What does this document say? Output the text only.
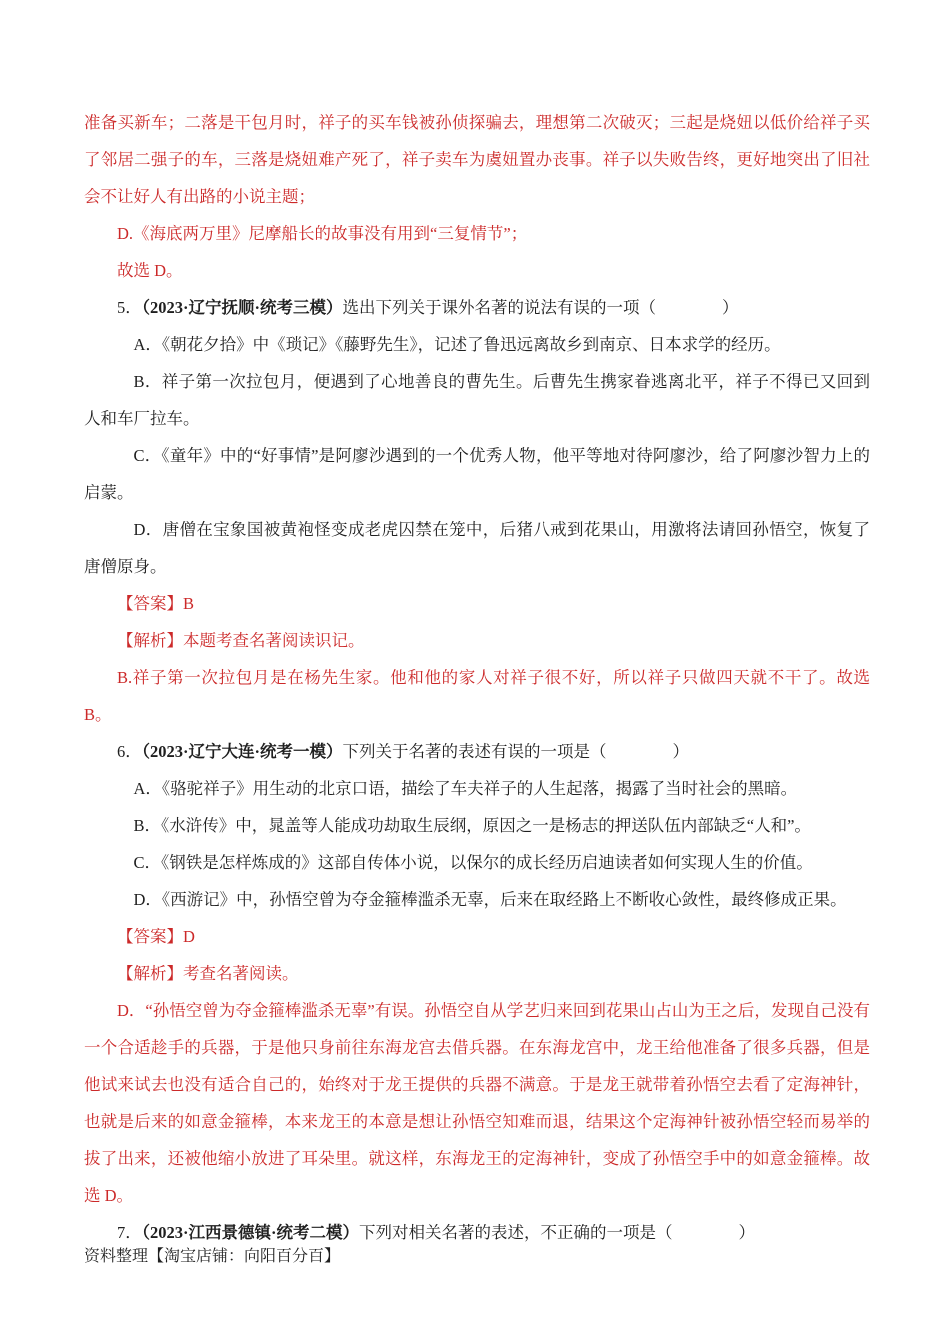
准备买新车；二落是干包月时，祥子的买车钱被孙侦探骗去，理想第二次破灭；三起是烧妞以低价给祥子买了邻居二强子的车，三落是烧妞难产死了，祥子卖车为虞妞置办丧事。祥子以失败告终，更好地突出了旧社会不让好人有出路的小说主题；

D.《海底两万里》尼摩船长的故事没有用到“三复情节”；

故选 D。

5．（2023·辽宁抚顺·统考三模）选出下列关于课外名著的说法有误的一项（　　　　）

A．《朝花夕拾》中《琐记》《藤野先生》，记述了鲁迅远离故乡到南京、日本求学的经历。

B．祥子第一次拉包月，便遇到了心地善良的曹先生。后曹先生携家眷逃离北平，祥子不得已又回到人和车厂拉车。

C．《童年》中的“好事情”是阿廖沙遇到的一个优秀人物，他平等地对待阿廖沙，给了阿廖沙智力上的启蒙。

D．唐僧在宝象国被黄袍怪变成老虎囚禁在笼中，后猪八戒到花果山，用激将法请回孙悟空，恢复了唐僧原身。

【答案】B

【解析】本题考查名著阅读识记。

B.祥子第一次拉包月是在杨先生家。他和他的家人对祥子很不好，所以祥子只做四天就不干了。故选 B。

6．（2023·辽宁大连·统考一模）下列关于名著的表述有误的一项是（　　　　）

A．《骆驼祥子》用生动的北京口语，描绘了车夫祥子的人生起落，揭露了当时社会的黑暗。

B．《水浒传》中，晁盖等人能成功劫取生辰纲，原因之一是杨志的押送队伍内部缺乏“人和”。

C．《钢铁是怎样炼成的》这部自传体小说，以保尔的成长经历启迪读者如何实现人生的价值。

D．《西游记》中，孙悟空曾为夺金箍棒滥杀无辜，后来在取经路上不断收心敛性，最终修成正果。

【答案】D

【解析】考查名著阅读。

D．“孙悟空曾为夺金箍棒滥杀无辜”有误。孙悟空自从学艺归来回到花果山占山为王之后，发现自己没有一个合适趁手的兵器，于是他只身前往东海龙宫去借兵器。在东海龙宫中，龙王给他准备了很多兵器，但是他试来试去也没有适合自己的，始终对于龙王提供的兵器不满意。于是龙王就带着孙悟空去看了定海神针，也就是后来的如意金箍棒，本来龙王的本意是想让孙悟空知难而退，结果这个定海神针被孙悟空轻而易举的拔了出来，还被他缩小放进了耳朵里。就这样，东海龙王的定海神针，变成了孙悟空手中的如意金箍棒。故选 D。

7．（2023·江西景德镇·统考二模）下列对相关名著的表述，不正确的一项是（　　　　）

资料整理【淘宝店铺：向阳百分百】
